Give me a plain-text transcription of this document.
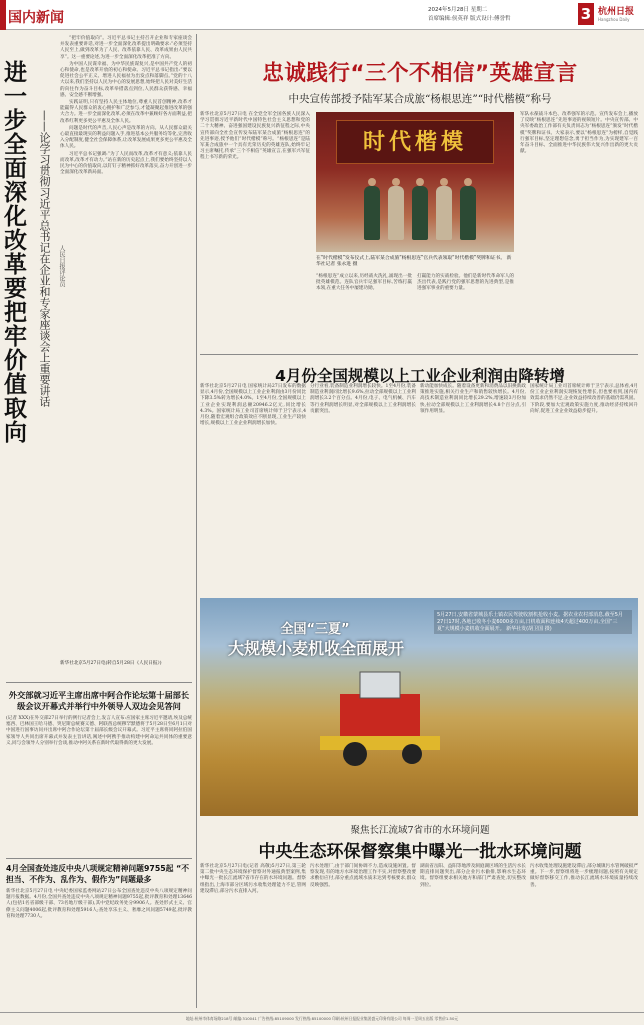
国内新闻	2024年5月28日 星期二
首席编辑:侯英祥 版式设计:傅誉哲	3 杭州日报
Hangzhou Daily
进一步全面深化改革要把牢价值取向	——论学习贯彻习近平总书记在企业和专家座谈会上重要讲话	人民日报评论员

“把牢价值取向”。习近平总书记主持召开企业和专家座谈会并发表重要讲话,对进一步全面深化改革提出明确要求:“必须坚持人民至上,做到改革为了人民、改革依靠人民、改革成果由人民共享”。这一重要论述,为进一步全面深化改革把准了方向。

为中国人民谋幸福、为中华民族谋复兴,是中国共产党人的初心和使命,也是改革开放的初心和使命。习近平总书记指出:“要以促进社会公平正义、增进人民福祉为出发点和落脚点。”党的十八大以来,我们坚持以人民为中心的发展思想,始终把人民对美好生活的向往作为奋斗目标,改革举措落点到位,人民群众获得感、幸福感、安全感不断增强。

实践证明,只有坚持人民主体地位,尊重人民首创精神,改革才能赢得人民群众的衷心拥护和广泛参与,才能凝聚起推进改革的强大合力。进一步全面深化改革,必须在改革中兼顾好各方面利益,把改革红利更多更公平惠及全体人民。

问题是时代的声音,人民心声是改革的方向。从人民群众最关心最直接最现实的利益问题入手,推进基本公共服务均等化,完善收入分配制度,健全社会保障体系,让改革发展成果更多更公平惠及全体人民。

习近平总书记强调:“为了人民而改革,改革才有意义;依靠人民而改革,改革才有动力。”站在新的历史起点上,我们要始终坚持以人民为中心的价值取向,以钉钉子精神抓好改革落实,奋力开创进一步全面深化改革新局面。

新华社北京5月27日电(转自5月28日《人民日报》)
外交部就习近平主席出席中阿合作论坛第十届部长级会议开幕式并举行中外领导人双边会见答问
(记者 XXX)在外交部27日举行的例行记者会上,发言人宣布:应国家主席习近平邀请,埃及总统塞西、巴林国王哈马德、突尼斯总统赛义德、阿联酋总统穆罕默德将于5月28日至6月1日对中国进行国事访问并出席中阿合作论坛第十届部长级会议开幕式。习近平主席将同阿拉伯国家领导人共同出席开幕式并发表主旨讲话,阐述中阿携手推动构建中阿命运共同体的重要意义,同与会领导人分别举行会谈,推动中阿关系在新时代取得新的更大发展。
4月全国查处违反中央八项规定精神问题9755起 “不担当、不作为、乱作为、假作为”问题最多
新华社北京5月27日电 中央纪委国家监委网站27日公布全国查处违反中央八项规定精神问题月报数据。4月份,全国共查处违反中央八项规定精神问题9755起,批评教育和处理13646人(包括1名省部级干部、73名地厅级干部),其中党纪政务处分9906人。查处形式主义、官僚主义问题4006起,批评教育和处理5916人;查处享乐主义、奢靡之风问题5749起,批评教育和处理7730人。
忠诚践行“三个不相信”英雄宣言
中央宣传部授予陆军某合成旅“杨根思连”“时代楷模”称号
新华社北京5月27日电 在全党全军全国各族人民深入学习贯彻习近平新时代中国特色社会主义思想和党的二十大精神、奋进强国建设民族复兴新征程之际,中央宣传部向全社会宣传发布陆军某合成旅“杨根思连”的先进事迹,授予他们“时代楷模”称号。“杨根思连”是陆军某合成旅中一个具有光荣历史的英雄连队,始终牢记习主席嘱托,传承“三个不相信”英雄宣言,在强军兴军征程上书写新的荣光。
时代楷模
在“时代楷模”发布仪式上,陆军某合成旅“杨根思连”官兵代表领取“时代楷模”奖牌和证书。 新华社记者 张永进 摄
“杨根思连”成立以来,历经战火洗礼,涌现出一批批英雄模范。连队官兵牢记强军目标,苦练打赢本领,在重大任务中屡建功勋。
打赢能力的实战检验。他们是新时代革命军人的杰出代表,是践行党的强军思想的先进典型,是推进强军事业的重要力量。
军队永葆战斗本色、改革强军的示范。宣传发布会上,播放了反映“杨根思连”先进事迹的视频短片。中央宣传部、中央军委政治工作部有关负责同志为“杨根思连”颁发“时代楷模”奖牌和证书。大家表示,要以“杨根思连”为榜样,自觉践行强军目标,坚定理想信念,勇于担当作为,为实现建军一百年奋斗目标、全面推进中华民族伟大复兴作出新的更大贡献。
4月份全国规模以上工业企业利润由降转增
新华社北京5月27日电 国家统计局27日发布的数据显示,4月份,全国规模以上工业企业利润由3月份同比下降3.5%转为增长4.0%。1至4月份,全国规模以上工业企业实现利润总额20946.2亿元,同比增长4.3%。国家统计局工业司首席统计师于卫宁表示,4月份,随着宏观组合政策效应不断显现,工业生产较快增长,规模以上工业企业利润增长加快。
分行业看,装备制造业利润增长较快。1至4月份,装备制造业利润同比增长9.6%,拉动全部规模以上工业利润增长3.2个百分点。4月份,电子、电气机械、汽车等行业利润增长明显,对全部规模以上工业利润增长贡献突出。
新动能加快成长。随着设备更新和消费品以旧换新政策推进实施,相关行业生产和销售较快增长。4月份,高技术制造业利润同比增长29.2%,增速较3月份加快,拉动全部规模以上工业利润增长4.8个百分点,引领作用明显。
国家统计局工业司首席统计师于卫宁表示,总体看,4月份工业企业利润实现恢复性增长,但也要看到,国内有效需求仍然不足,企业效益持续改善的基础仍需巩固。下阶段,要加大宏观政策实施力度,推动经济持续回升向好,促进工业企业效益稳步提升。
全国“三夏”
大规模小麦机收全面展开
5月27日,安徽省蒙城县乐土镇农民驾驶收割机抢收小麦。据农业农村部消息,截至5月27日17时,各地已收冬小麦6000多万亩,日机收面积连续4天超过400万亩,全国“三夏”大规模小麦机收全面展开。 新华社发(胡卫国 摄)
聚焦长江流域7省市的水环境问题
中央生态环保督察集中曝光一批水环境问题
新华社北京5月27日电(记者 高敬)5月27日,第三轮第二批中央生态环境保护督察对外通报典型案例,集中曝光一批长江流域7省市存在的水环境问题。督察组指出,上海市部分区域污水收集处理能力不足,管网建设滞后,部分污水直排入河。
污水处理厂,由于部门间协调不力,造成设施闲置。督察发现,有的地方水环境治理工作不实,对督察整改要求敷衍应付,部分重点流域水质未达到考核要求,群众反映强烈。
湖南省岳阳、益阳等地涉及洞庭湖区域的生活污水长期直排问题突出,部分企业污水偷排,影响水生态环境。督察组要求相关地方和部门严肃查处,切实整改到位。
污水收集处理设施建设滞后,部分城镇污水管网破损严重。下一步,督察组将进一步梳理问题,按照有关规定做好督察移交工作,推动长江流域水环境质量持续改善。
地址:杭州市体育场路218号 邮编:310041 广告热线:85109000 发行热线:85100000 印刷:杭州日报报业集团盛元印务有限公司 每周一至周五出版 零售价1.50元
